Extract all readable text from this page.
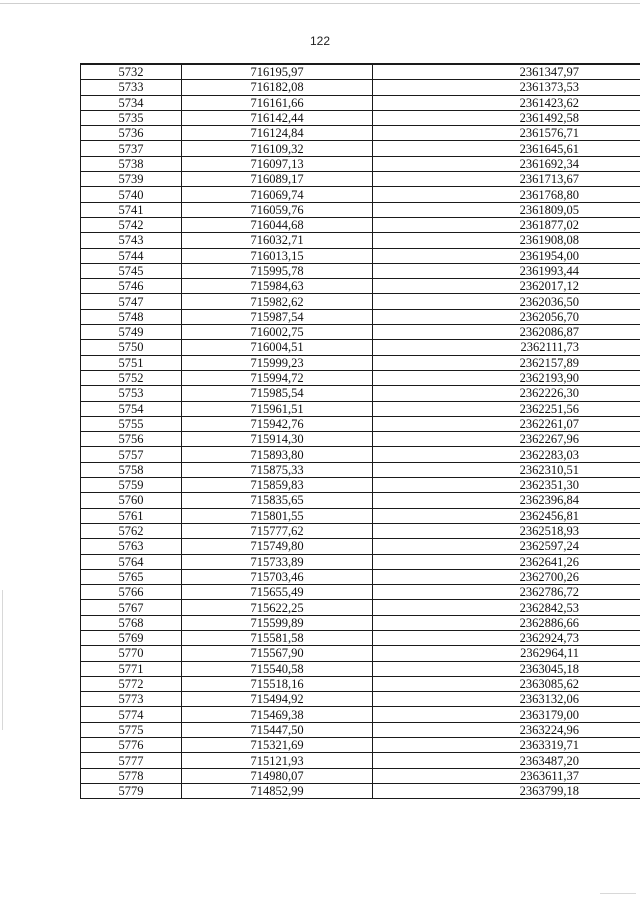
122
5732	716195,97	2361347,97
5733	716182,08	2361373,53
5734	716161,66	2361423,62
5735	716142,44	2361492,58
5736	716124,84	2361576,71
5737	716109,32	2361645,61
5738	716097,13	2361692,34
5739	716089,17	2361713,67
5740	716069,74	2361768,80
5741	716059,76	2361809,05
5742	716044,68	2361877,02
5743	716032,71	2361908,08
5744	716013,15	2361954,00
5745	715995,78	2361993,44
5746	715984,63	2362017,12
5747	715982,62	2362036,50
5748	715987,54	2362056,70
5749	716002,75	2362086,87
5750	716004,51	2362111,73
5751	715999,23	2362157,89
5752	715994,72	2362193,90
5753	715985,54	2362226,30
5754	715961,51	2362251,56
5755	715942,76	2362261,07
5756	715914,30	2362267,96
5757	715893,80	2362283,03
5758	715875,33	2362310,51
5759	715859,83	2362351,30
5760	715835,65	2362396,84
5761	715801,55	2362456,81
5762	715777,62	2362518,93
5763	715749,80	2362597,24
5764	715733,89	2362641,26
5765	715703,46	2362700,26
5766	715655,49	2362786,72
5767	715622,25	2362842,53
5768	715599,89	2362886,66
5769	715581,58	2362924,73
5770	715567,90	2362964,11
5771	715540,58	2363045,18
5772	715518,16	2363085,62
5773	715494,92	2363132,06
5774	715469,38	2363179,00
5775	715447,50	2363224,96
5776	715321,69	2363319,71
5777	715121,93	2363487,20
5778	714980,07	2363611,37
5779	714852,99	2363799,18
